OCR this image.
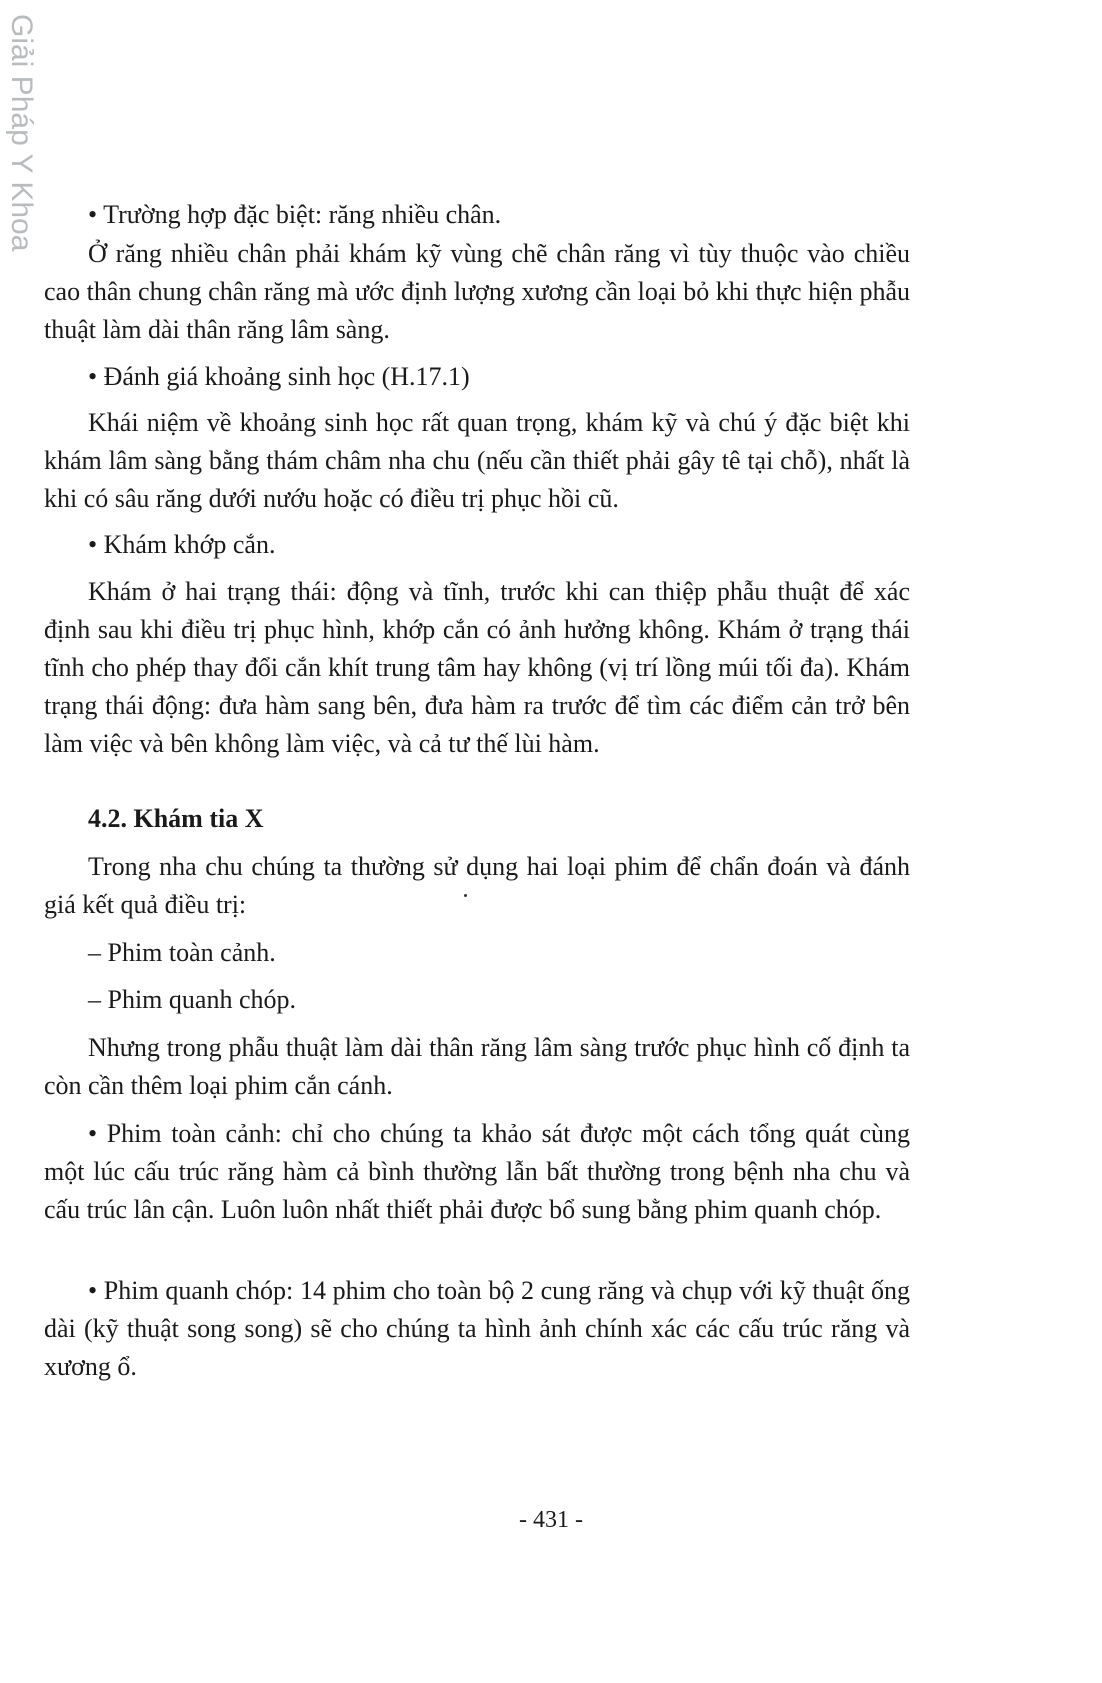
Giải Pháp Y Khoa	• Trường hợp đặc biệt: răng nhiều chân.

Ở răng nhiều chân phải khám kỹ vùng chẽ chân răng vì tùy thuộc vào chiều cao thân chung chân răng mà ước định lượng xương cần loại bỏ khi thực hiện phẫu thuật làm dài thân răng lâm sàng.

• Đánh giá khoảng sinh học (H.17.1)

Khái niệm về khoảng sinh học rất quan trọng, khám kỹ và chú ý đặc biệt khi khám lâm sàng bằng thám châm nha chu (nếu cần thiết phải gây tê tại chỗ), nhất là khi có sâu răng dưới nướu hoặc có điều trị phục hồi cũ.

• Khám khớp cắn.

Khám ở hai trạng thái: động và tĩnh, trước khi can thiệp phẫu thuật để xác định sau khi điều trị phục hình, khớp cắn có ảnh hưởng không. Khám ở trạng thái tĩnh cho phép thay đổi cắn khít trung tâm hay không (vị trí lồng múi tối đa). Khám trạng thái động: đưa hàm sang bên, đưa hàm ra trước để tìm các điểm cản trở bên làm việc và bên không làm việc, và cả tư thế lùi hàm.

4.2. Khám tia X

Trong nha chu chúng ta thường sử dụng hai loại phim để chẩn đoán và đánh giá kết quả điều trị:

– Phim toàn cảnh.

– Phim quanh chóp.

Nhưng trong phẫu thuật làm dài thân răng lâm sàng trước phục hình cố định ta còn cần thêm loại phim cắn cánh.

• Phim toàn cảnh: chỉ cho chúng ta khảo sát được một cách tổng quát cùng một lúc cấu trúc răng hàm cả bình thường lẫn bất thường trong bệnh nha chu và cấu trúc lân cận. Luôn luôn nhất thiết phải được bổ sung bằng phim quanh chóp.

• Phim quanh chóp: 14 phim cho toàn bộ 2 cung răng và chụp với kỹ thuật ống dài (kỹ thuật song song) sẽ cho chúng ta hình ảnh chính xác các cấu trúc răng và xương ổ.

- 431 -
